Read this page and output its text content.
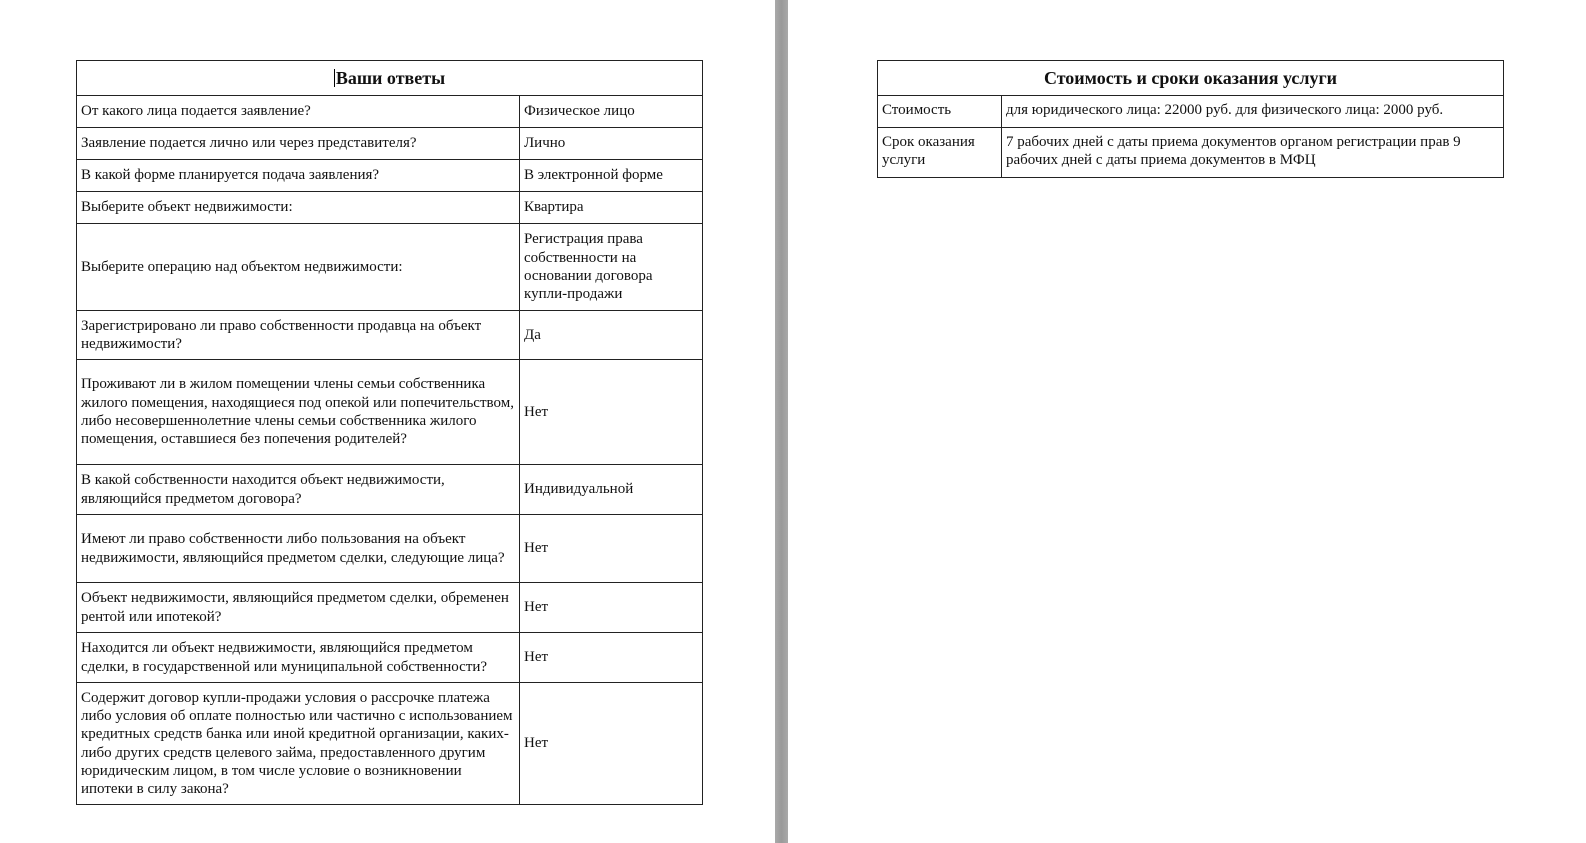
Ваши ответы	
От какого лица подается заявление?	Физическое лицо
Заявление подается лично или через представителя?	Лично
В какой форме планируется подача заявления?	В электронной форме
Выберите объект недвижимости:	Квартира
Выберите операцию над объектом недвижимости:	Регистрация права собственности на основании договора купли-продажи
Зарегистрировано ли право собственности продавца на объект недвижимости?	Да
Проживают ли в жилом помещении члены семьи собственника жилого помещения, находящиеся под опекой или попечительством, либо несовершеннолетние члены семьи собственника жилого помещения, оставшиеся без попечения родителей?	Нет
В какой собственности находится объект недвижимости, являющийся предметом договора?	Индивидуальной
Имеют ли право собственности либо пользования на объект недвижимости, являющийся предметом сделки, следующие лица?	Нет
Объект недвижимости, являющийся предметом сделки, обременен рентой или ипотекой?	Нет
Находится ли объект недвижимости, являющийся предметом сделки, в государственной или муниципальной собственности?	Нет
Содержит договор купли-продажи условия о рассрочке платежа либо условия об оплате полностью или частично с использованием кредитных средств банка или иной кредитной организации, каких-либо других средств целевого займа, предоставленного другим юридическим лицом, в том числе условие о возникновении ипотеки в силу закона?	Нет
Стоимость и сроки оказания услуги	
Стоимость	для юридического лица: 22000 руб. для физического лица: 2000 руб.
Срок оказания услуги	7 рабочих дней с даты приема документов органом регистрации прав 9 рабочих дней с даты приема документов в МФЦ
